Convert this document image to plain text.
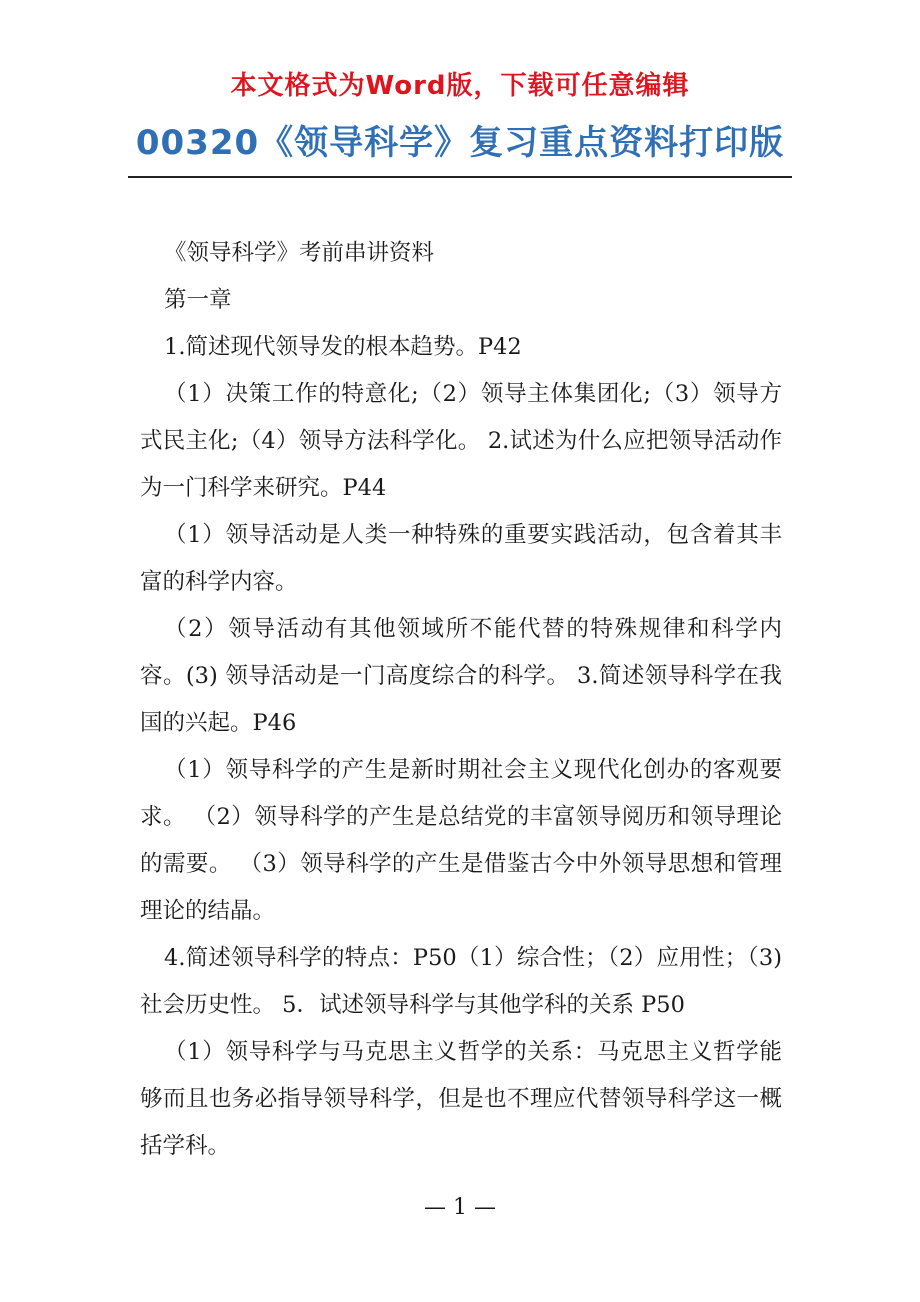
本文格式为Word版，下载可任意编辑
00320《领导科学》复习重点资料打印版

《领导科学》考前串讲资料

第一章

1.简述现代领导发的根本趋势。P42

（1）决策工作的特意化;（2）领导主体集团化;（3）领导方式民主化;（4）领导方法科学化。 2.试述为什么应把领导活动作为一门科学来研究。P44

（1）领导活动是人类一种特殊的重要实践活动，包含着其丰富的科学内容。

（2）领导活动有其他领域所不能代替的特殊规律和科学内容。(3) 领导活动是一门高度综合的科学。 3.简述领导科学在我国的兴起。P46

（1）领导科学的产生是新时期社会主义现代化创办的客观要求。 （2）领导科学的产生是总结党的丰富领导阅历和领导理论的需要。 （3）领导科学的产生是借鉴古今中外领导思想和管理理论的结晶。

4.简述领导科学的特点：P50（1）综合性；（2）应用性；（3) 社会历史性。 5．试述领导科学与其他学科的关系 P50

（1）领导科学与马克思主义哲学的关系：马克思主义哲学能够而且也务必指导领导科学，但是也不理应代替领导科学这一概括学科。

— 1 —
